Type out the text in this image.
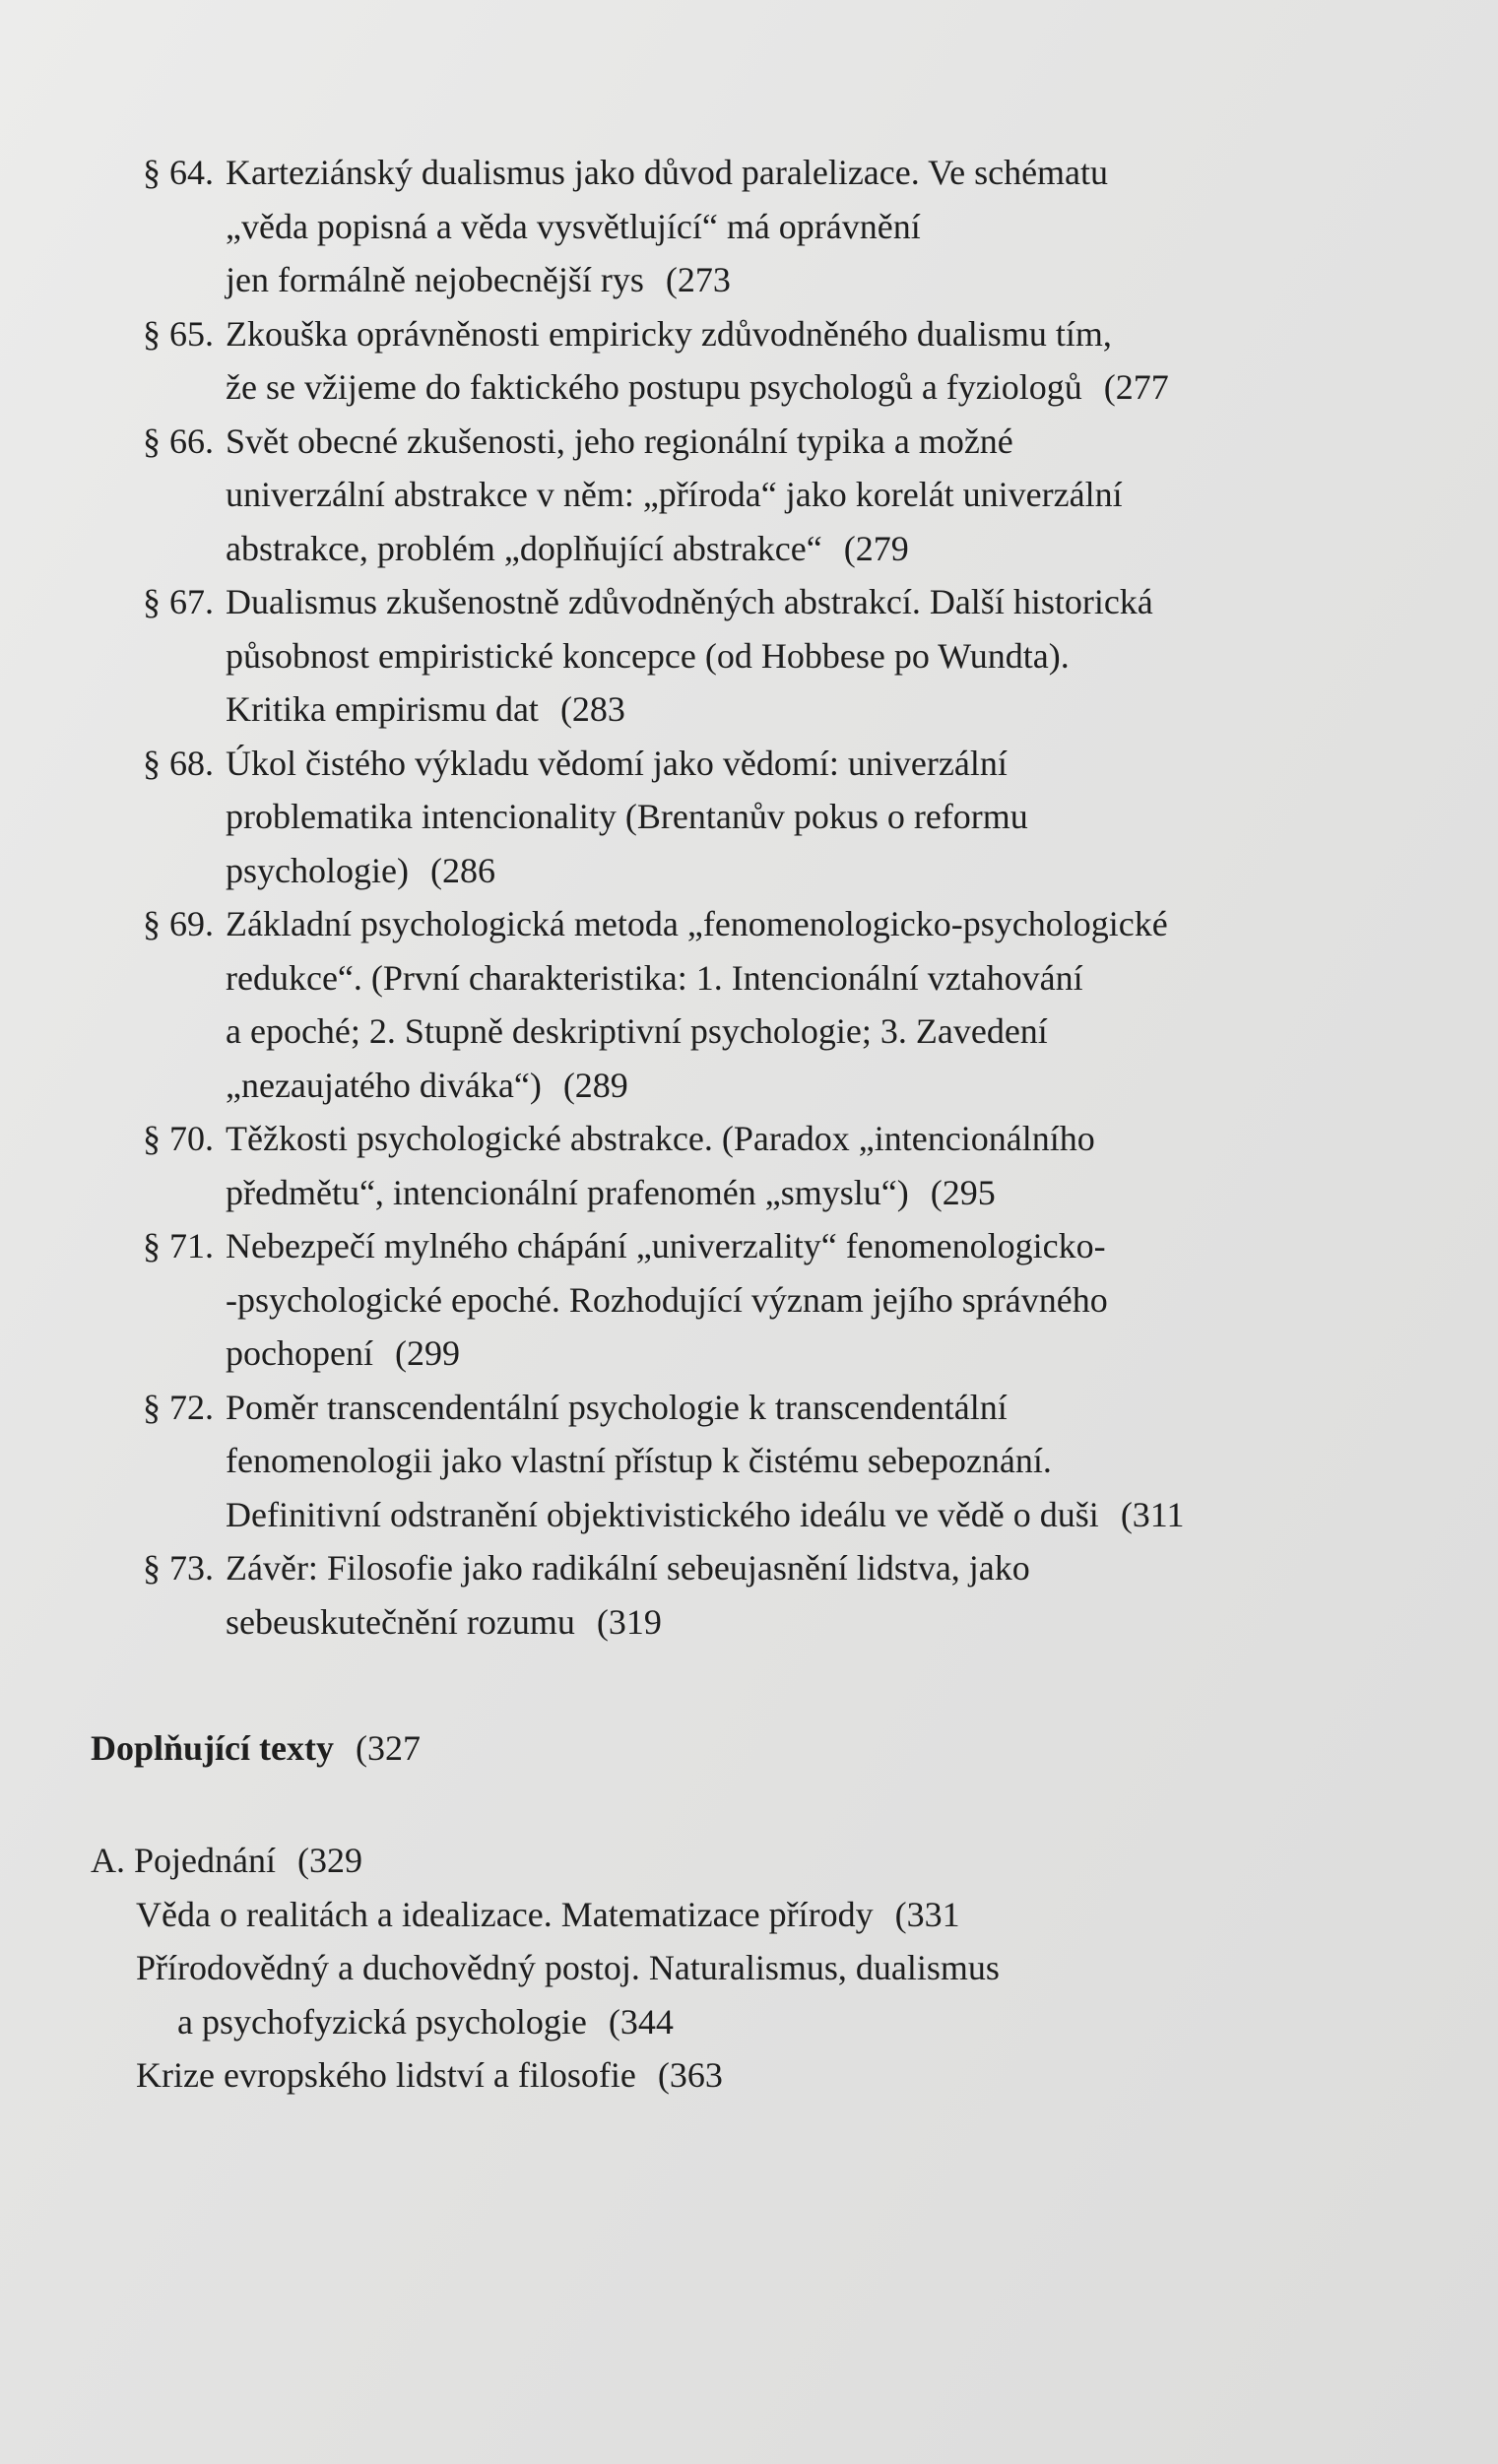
§ 64. Karteziánský dualismus jako důvod paralelizace. Ve schématu
„věda popisná a věda vysvětlující“ má oprávnění
jen formálně nejobecnější rys (273
§ 65. Zkouška oprávněnosti empiricky zdůvodněného dualismu tím,
že se vžijeme do faktického postupu psychologů a fyziologů (277
§ 66. Svět obecné zkušenosti, jeho regionální typika a možné
univerzální abstrakce v něm: „příroda“ jako korelát univerzální
abstrakce, problém „doplňující abstrakce“ (279
§ 67. Dualismus zkušenostně zdůvodněných abstrakcí. Další historická
působnost empiristické koncepce (od Hobbese po Wundta).
Kritika empirismu dat (283
§ 68. Úkol čistého výkladu vědomí jako vědomí: univerzální
problematika intencionality (Brentanův pokus o reformu
psychologie) (286
§ 69. Základní psychologická metoda „fenomenologicko-psychologické
redukce“. (První charakteristika: 1. Intencionální vztahování
a epoché; 2. Stupně deskriptivní psychologie; 3. Zavedení
„nezaujatého diváka“) (289
§ 70. Těžkosti psychologické abstrakce. (Paradox „intencionálního
předmětu“, intencionální prafenomén „smyslu“) (295
§ 71. Nebezpečí mylného chápání „univerzality“ fenomenologicko-
-psychologické epoché. Rozhodující význam jejího správného
pochopení (299
§ 72. Poměr transcendentální psychologie k transcendentální
fenomenologii jako vlastní přístup k čistému sebepoznání.
Definitivní odstranění objektivistického ideálu ve vědě o duši (311
§ 73. Závěr: Filosofie jako radikální sebeujasnění lidstva, jako
sebeuskutečnění rozumu (319
Doplňující texty (327
A. Pojednání (329
Věda o realitách a idealizace. Matematizace přírody (331
Přírodovědný a duchovědný postoj. Naturalismus, dualismus
a psychofyzická psychologie (344
Krize evropského lidství a filosofie (363
